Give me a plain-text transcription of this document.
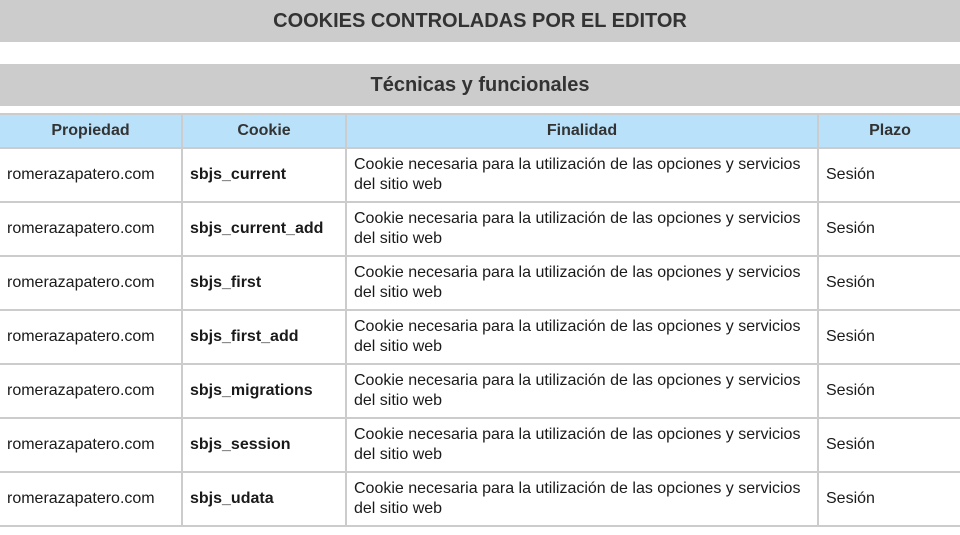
COOKIES CONTROLADAS POR EL EDITOR
Técnicas y funcionales
Propiedad	Cookie	Finalidad	Plazo
romerazapatero.com	sbjs_current	Cookie necesaria para la utilización de las opciones y servicios del sitio web	Sesión
romerazapatero.com	sbjs_current_add	Cookie necesaria para la utilización de las opciones y servicios del sitio web	Sesión
romerazapatero.com	sbjs_first	Cookie necesaria para la utilización de las opciones y servicios del sitio web	Sesión
romerazapatero.com	sbjs_first_add	Cookie necesaria para la utilización de las opciones y servicios del sitio web	Sesión
romerazapatero.com	sbjs_migrations	Cookie necesaria para la utilización de las opciones y servicios del sitio web	Sesión
romerazapatero.com	sbjs_session	Cookie necesaria para la utilización de las opciones y servicios del sitio web	Sesión
romerazapatero.com	sbjs_udata	Cookie necesaria para la utilización de las opciones y servicios del sitio web	Sesión
